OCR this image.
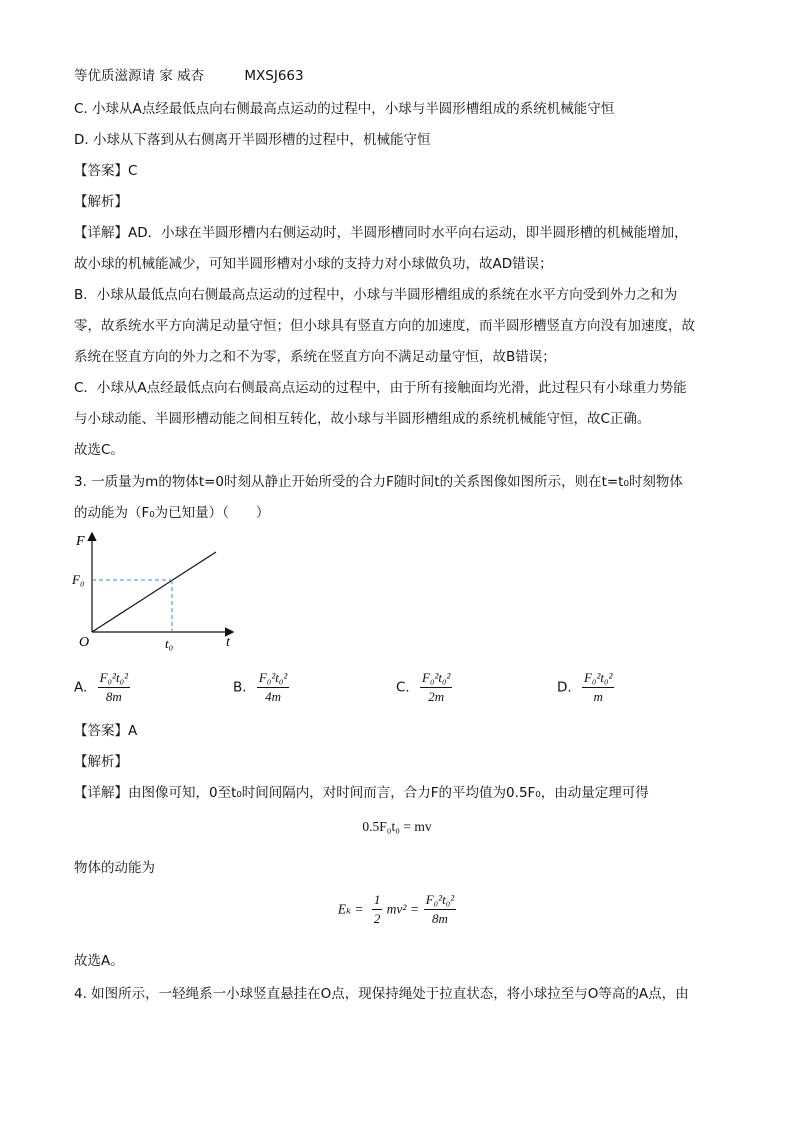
等优质滋源请 家 威杏	MXSJ663
C. 小球从A点经最低点向右侧最高点运动的过程中，小球与半圆形槽组成的系统机械能守恒
D. 小球从下落到从右侧离开半圆形槽的过程中，机械能守恒
【答案】C
【解析】
【详解】AD．小球在半圆形槽内右侧运动时，半圆形槽同时水平向右运动，即半圆形槽的机械能增加，
故小球的机械能减少，可知半圆形槽对小球的支持力对小球做负功，故AD错误；
B．小球从最低点向右侧最高点运动的过程中，小球与半圆形槽组成的系统在水平方向受到外力之和为
零，故系统水平方向满足动量守恒；但小球具有竖直方向的加速度，而半圆形槽竖直方向没有加速度，故
系统在竖直方向的外力之和不为零，系统在竖直方向不满足动量守恒，故B错误；
C．小球从A点经最低点向右侧最高点运动的过程中，由于所有接触面均光滑，此过程只有小球重力势能
与小球动能、半圆形槽动能之间相互转化，故小球与半圆形槽组成的系统机械能守恒，故C正确。
故选C。
3. 一质量为m的物体t=0时刻从静止开始所受的合力F随时间t的关系图像如图所示，则在t=t₀时刻物体
的动能为（F₀为已知量）（　　）
F
t
O
F₀
t₀
A. $\frac{\text{F₀²t₀²}}{8m}$	B. $\frac{\text{F₀²t₀²}}{4m}$	C. $\frac{\text{F₀²t₀²}}{2m}$	D. $\frac{\text{F₀²t₀²}}{m}$
【答案】A
【解析】
【详解】由图像可知，0至t₀时间间隔内，对时间而言，合力F的平均值为0.5F₀，由动量定理可得
0.5F₀t₀ = mv
物体的动能为
$E_k = \frac{1}{2} mv^2 = \frac{\text{F₀²t₀²}}{8m}$
故选A。
4. 如图所示，一轻绳系一小球竖直悬挂在O点，现保持绳处于拉直状态，将小球拉至与O等高的A点，由
